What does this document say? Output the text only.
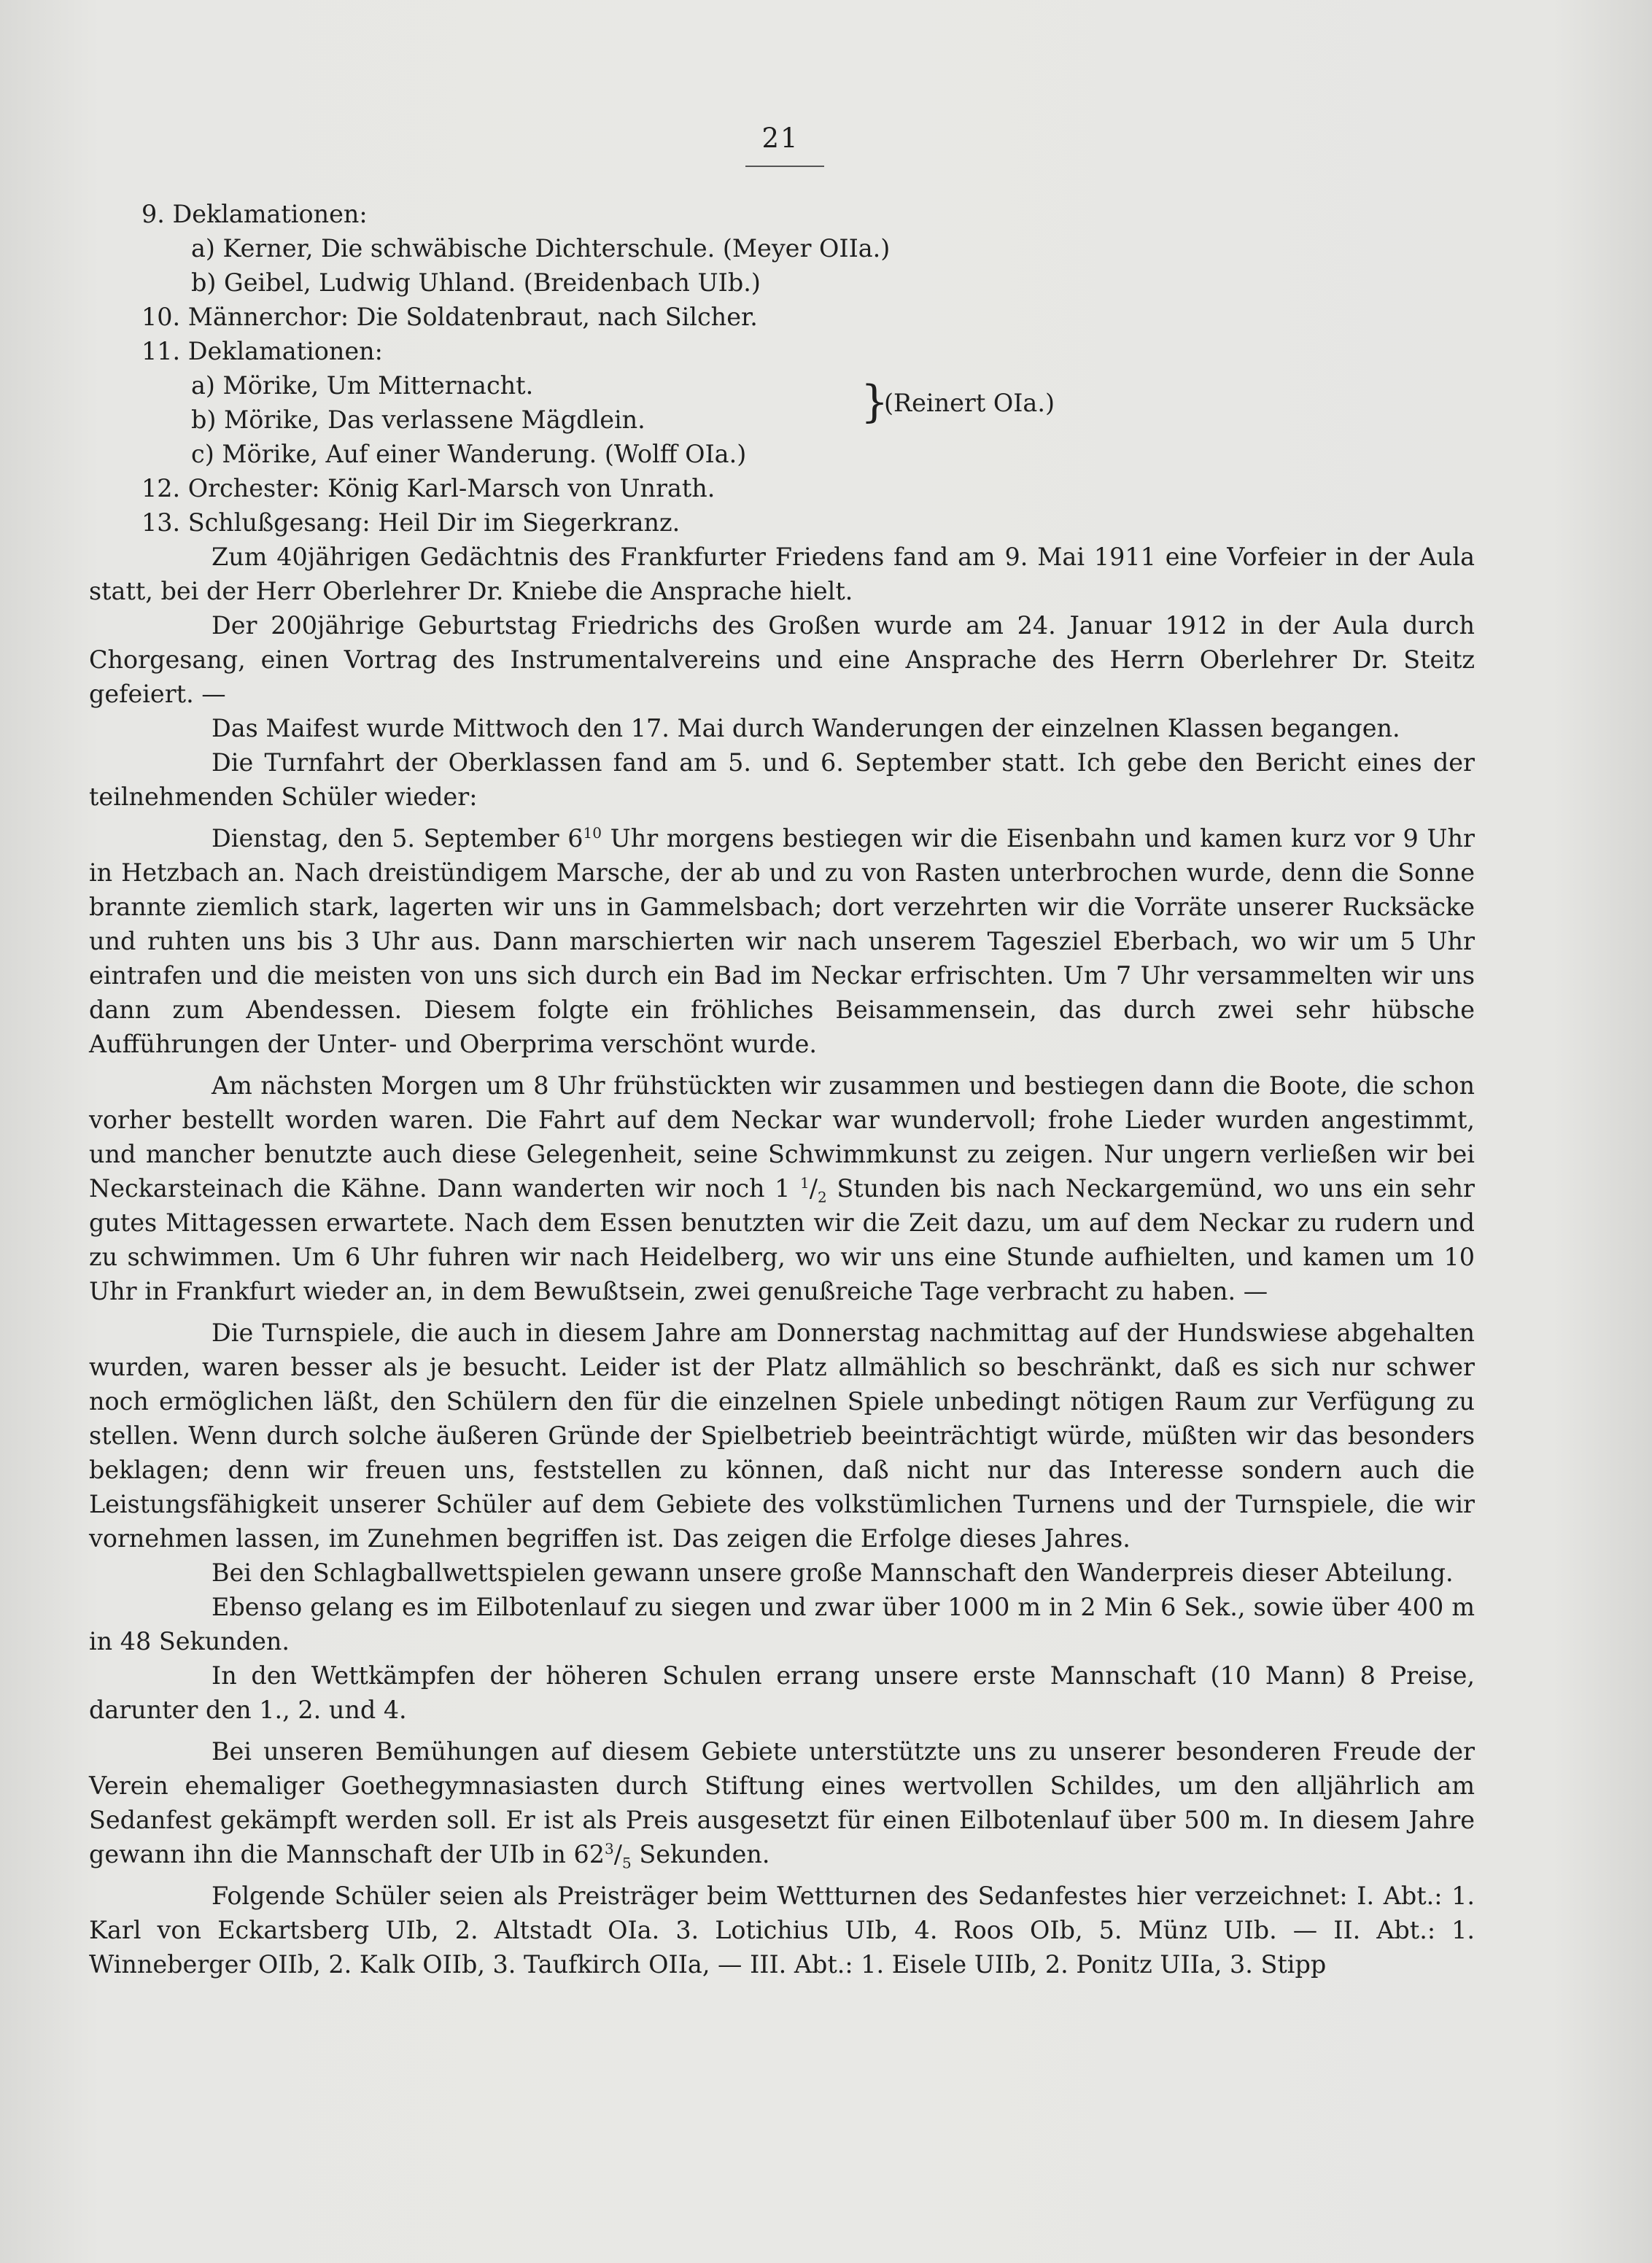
21
9. Deklamationen:
a) Kerner, Die schwäbische Dichterschule. (Meyer OIIa.)
b) Geibel, Ludwig Uhland. (Breidenbach UIb.)
10. Männerchor: Die Soldatenbraut, nach Silcher.
11. Deklamationen:
a) Mörike, Um Mitternacht.
b) Mörike, Das verlassene Mägdlein.	}
(Reinert OIa.)
c) Mörike, Auf einer Wanderung. (Wolff OIa.)
12. Orchester: König Karl-Marsch von Unrath.
13. Schlußgesang: Heil Dir im Siegerkranz.

Zum 40jährigen Gedächtnis des Frankfurter Friedens fand am 9. Mai 1911 eine Vorfeier in der Aula statt, bei der Herr Oberlehrer Dr. Kniebe die Ansprache hielt.

Der 200jährige Geburtstag Friedrichs des Großen wurde am 24. Januar 1912 in der Aula durch Chorgesang, einen Vortrag des Instrumentalvereins und eine Ansprache des Herrn Oberlehrer Dr. Steitz gefeiert. —

Das Maifest wurde Mittwoch den 17. Mai durch Wanderungen der einzelnen Klassen begangen.

Die Turnfahrt der Oberklassen fand am 5. und 6. September statt. Ich gebe den Bericht eines der teilnehmenden Schüler wieder:

Dienstag, den 5. September $6^{10}$ Uhr morgens bestiegen wir die Eisenbahn und kamen kurz vor 9 Uhr in Hetzbach an. Nach dreistündigem Marsche, der ab und zu von Rasten unterbrochen wurde, denn die Sonne brannte ziemlich stark, lagerten wir uns in Gammelsbach; dort verzehrten wir die Vorräte unserer Rucksäcke und ruhten uns bis 3 Uhr aus. Dann marschierten wir nach unserem Tagesziel Eberbach, wo wir um 5 Uhr eintrafen und die meisten von uns sich durch ein Bad im Neckar erfrischten. Um 7 Uhr versammelten wir uns dann zum Abendessen. Diesem folgte ein fröhliches Beisammensein, das durch zwei sehr hübsche Aufführungen der Unter- und Oberprima verschönt wurde.

Am nächsten Morgen um 8 Uhr frühstückten wir zusammen und bestiegen dann die Boote, die schon vorher bestellt worden waren. Die Fahrt auf dem Neckar war wundervoll; frohe Lieder wurden angestimmt, und mancher benutzte auch diese Gelegenheit, seine Schwimmkunst zu zeigen. Nur ungern verließen wir bei Neckarsteinach die Kähne. Dann wanderten wir noch 1 $^1/_2$ Stunden bis nach Neckargemünd, wo uns ein sehr gutes Mittagessen erwartete. Nach dem Essen benutzten wir die Zeit dazu, um auf dem Neckar zu rudern und zu schwimmen. Um 6 Uhr fuhren wir nach Heidelberg, wo wir uns eine Stunde aufhielten, und kamen um 10 Uhr in Frankfurt wieder an, in dem Bewußtsein, zwei genußreiche Tage verbracht zu haben. —

Die Turnspiele, die auch in diesem Jahre am Donnerstag nachmittag auf der Hundswiese abgehalten wurden, waren besser als je besucht. Leider ist der Platz allmählich so beschränkt, daß es sich nur schwer noch ermöglichen läßt, den Schülern den für die einzelnen Spiele unbedingt nötigen Raum zur Verfügung zu stellen. Wenn durch solche äußeren Gründe der Spielbetrieb beeinträchtigt würde, müßten wir das besonders beklagen; denn wir freuen uns, feststellen zu können, daß nicht nur das Interesse sondern auch die Leistungsfähigkeit unserer Schüler auf dem Gebiete des volkstümlichen Turnens und der Turnspiele, die wir vornehmen lassen, im Zunehmen begriffen ist. Das zeigen die Erfolge dieses Jahres.

Bei den Schlagballwettspielen gewann unsere große Mannschaft den Wanderpreis dieser Abteilung.

Ebenso gelang es im Eilbotenlauf zu siegen und zwar über 1000 m in 2 Min 6 Sek., sowie über 400 m in 48 Sekunden.

In den Wettkämpfen der höheren Schulen errang unsere erste Mannschaft (10 Mann) 8 Preise, darunter den 1., 2. und 4.

Bei unseren Bemühungen auf diesem Gebiete unterstützte uns zu unserer besonderen Freude der Verein ehemaliger Goethegymnasiasten durch Stiftung eines wertvollen Schildes, um den alljährlich am Sedanfest gekämpft werden soll. Er ist als Preis ausgesetzt für einen Eilbotenlauf über 500 m. In diesem Jahre gewann ihn die Mannschaft der UIb in $62^3/_5$ Sekunden.

Folgende Schüler seien als Preisträger beim Wettturnen des Sedanfestes hier verzeichnet: I. Abt.: 1. Karl von Eckartsberg UIb, 2. Altstadt OIa. 3. Lotichius UIb, 4. Roos OIb, 5. Münz UIb. — II. Abt.: 1. Winneberger OIIb, 2. Kalk OIIb, 3. Taufkirch OIIa, — III. Abt.: 1. Eisele UIIb, 2. Ponitz UIIa, 3. Stipp
